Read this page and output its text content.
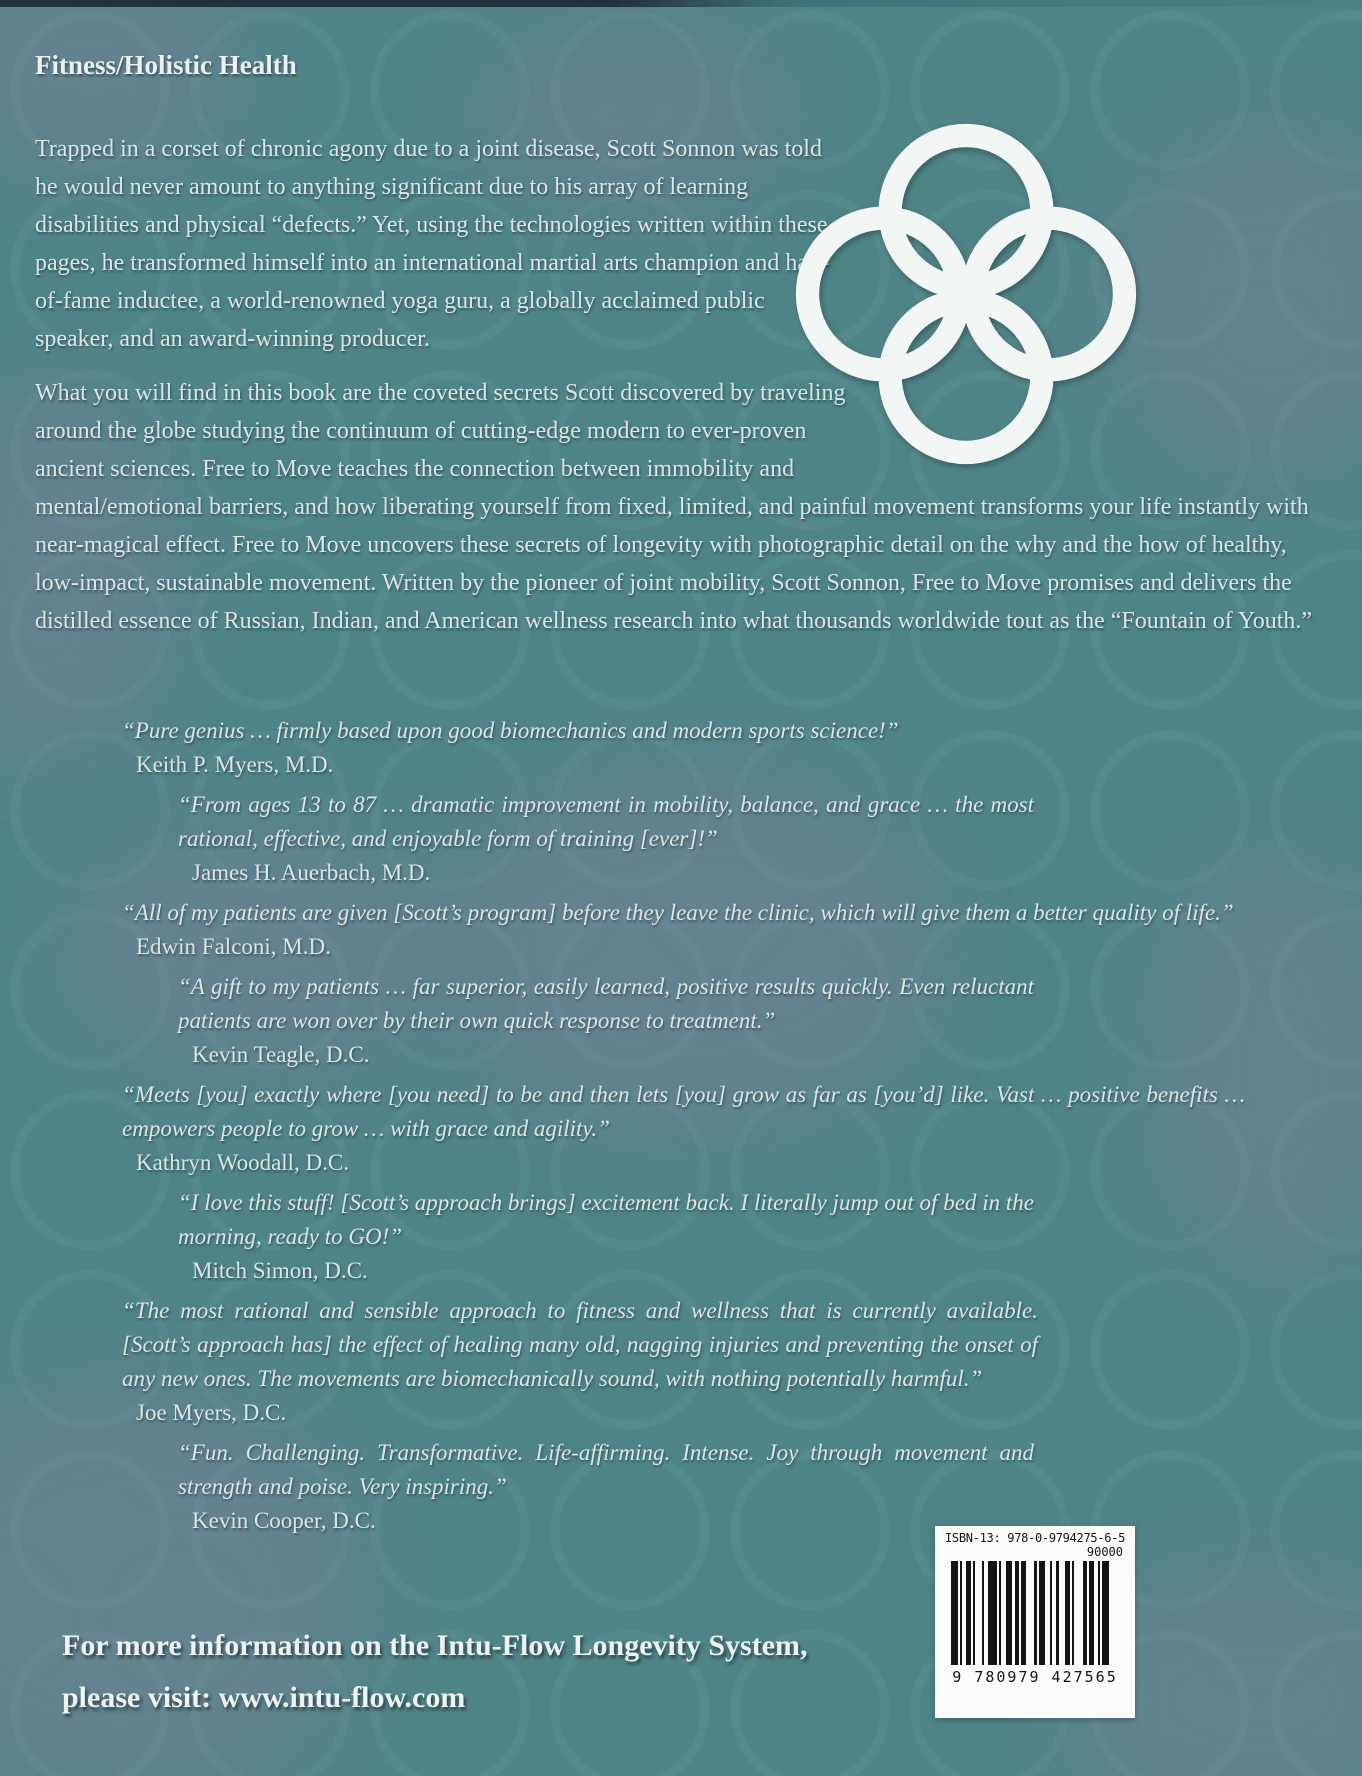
Fitness/Holistic Health

Trapped in a corset of chronic agony due to a joint disease, Scott Sonnon was told he would never amount to anything significant due to his array of learning disabilities and physical “defects.” Yet, using the technologies written within these pages, he transformed himself into an international martial arts champion and hall-of-fame inductee, a world-renowned yoga guru, a globally acclaimed public speaker, and an award-winning producer.

What you will find in this book are the coveted secrets Scott discovered by traveling around the globe studying the continuum of cutting-edge modern to ever-proven ancient sciences. Free to Move teaches the connection between immobility and mental/emotional barriers, and how liberating yourself from fixed, limited, and painful movement transforms your life instantly with near-magical effect. Free to Move uncovers these secrets of longevity with photographic detail on the why and the how of healthy, low-impact, sustainable movement. Written by the pioneer of joint mobility, Scott Sonnon, Free to Move promises and delivers the distilled essence of Russian, Indian, and American wellness research into what thousands worldwide tout as the “Fountain of Youth.”

“Pure genius … firmly based upon good biomechanics and modern sports science!”
Keith P. Myers, M.D.
“From ages 13 to 87 … dramatic improvement in mobility, balance, and grace … the most rational, effective, and enjoyable form of training [ever]!”
James H. Auerbach, M.D.
“All of my patients are given [Scott’s program] before they leave the clinic, which will give them a better quality of life.”
Edwin Falconi, M.D.
“A gift to my patients … far superior, easily learned, positive results quickly. Even reluctant patients are won over by their own quick response to treatment.”
Kevin Teagle, D.C.
“Meets [you] exactly where [you need] to be and then lets [you] grow as far as [you’d] like. Vast … positive benefits … empowers people to grow … with grace and agility.”
Kathryn Woodall, D.C.
“I love this stuff! [Scott’s approach brings] excitement back. I literally jump out of bed in the morning, ready to GO!”
Mitch Simon, D.C.
“The most rational and sensible approach to fitness and wellness that is currently available. [Scott’s approach has] the effect of healing many old, nagging injuries and preventing the onset of any new ones. The movements are biomechanically sound, with nothing potentially harmful.”
Joe Myers, D.C.
“Fun. Challenging. Transformative. Life-affirming. Intense. Joy through movement and strength and poise. Very inspiring.”
Kevin Cooper, D.C.
For more information on the Intu-Flow Longevity System,
please visit: www.intu-flow.com
ISBN-13: 978-0-9794275-6-5
90000
9 780979 427565
